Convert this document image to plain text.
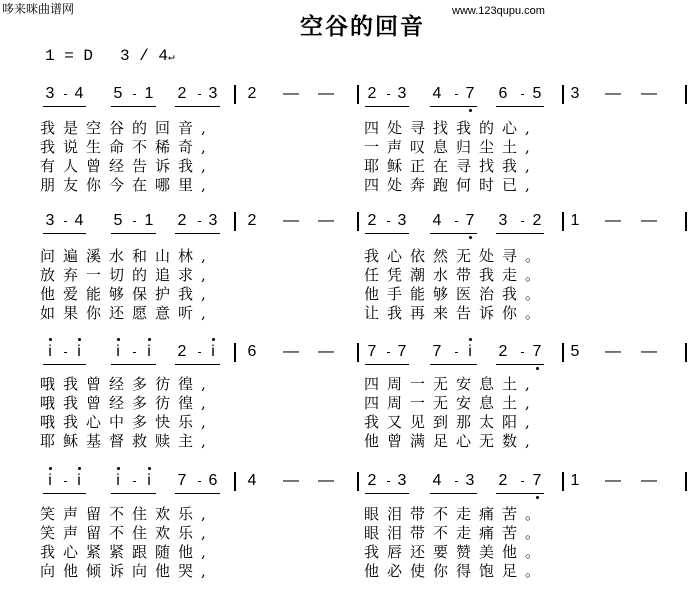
哆来咪曲谱网	www.123qupu.com
空谷的回音
1 = D 3 / 4↵
3 4 5 1 2 3 2	2 3 4 7 6 5 3
— —	— —
3 4 5 1 2 3 2	2 3 4 7 3 2 1
— —	— —
i	i	i	i	2	i	6	7 7 7	i	2 7 5
— —	— —
i	i	i	i	7 6 4	2 3 4 3 2 7 1
— —	— —
我是空谷的回音,	四处寻找我的心,
我说生命不稀奇,	一声叹息归尘土,
有人曾经告诉我,	耶稣正在寻找我,
朋友你今在哪里,	四处奔跑何时已,
问遍溪水和山林,	我心依然无处寻。
放弃一切的追求,	任凭潮水带我走。
他爱能够保护我,	他手能够医治我。
如果你还愿意听,	让我再来告诉你。
哦我曾经多彷徨,	四周一无安息土,
哦我曾经多彷徨,	四周一无安息土,
哦我心中多快乐,	我又见到那太阳,
耶稣基督救赎主,	他曾满足心无数,
笑声留不住欢乐,	眼泪带不走痛苦。
笑声留不住欢乐,	眼泪带不走痛苦。
我心紧紧跟随他,	我唇还要赞美他。
向他倾诉向他哭,	他必使你得饱足。
